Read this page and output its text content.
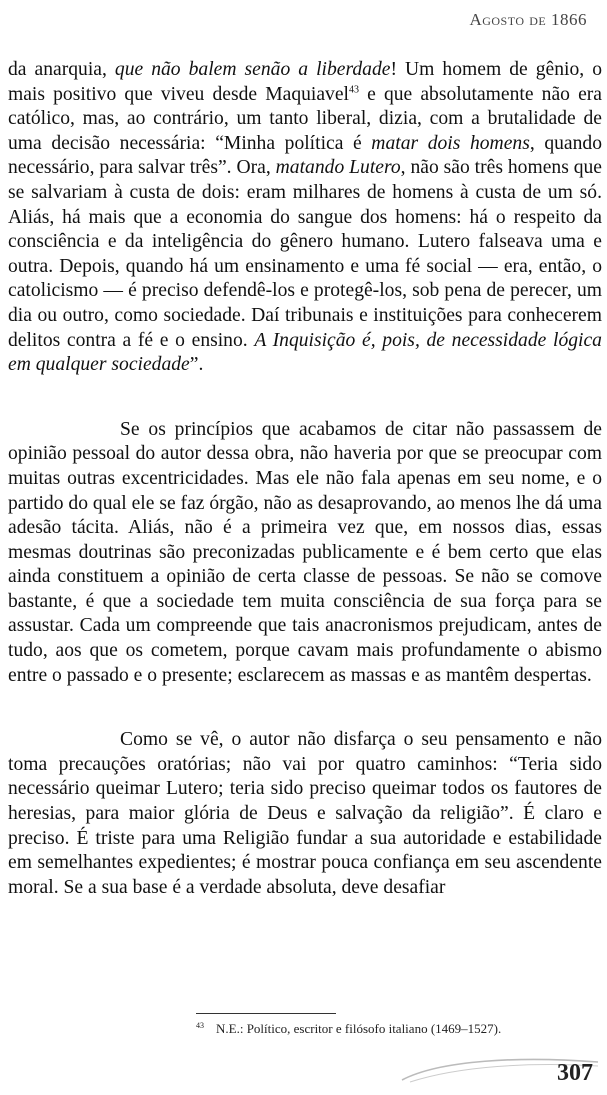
Agosto de 1866

da anarquia, que não balem senão a liberdade! Um homem de gênio, o mais positivo que viveu desde Maquiavel$^{43}$ e que absolutamente não era católico, mas, ao contrário, um tanto liberal, dizia, com a brutalidade de uma decisão necessária: “Minha política é matar dois homens, quando necessário, para salvar três”. Ora, matando Lutero, não são três homens que se salvariam à custa de dois: eram milhares de homens à custa de um só. Aliás, há mais que a economia do sangue dos homens: há o respeito da consciência e da inteligência do gênero humano. Lutero falseava uma e outra. Depois, quando há um ensinamento e uma fé social — era, então, o catolicismo — é preciso defendê-los e protegê-los, sob pena de perecer, um dia ou outro, como sociedade. Daí tribunais e instituições para conhecerem delitos contra a fé e o ensino. A Inquisição é, pois, de necessidade lógica em qualquer sociedade”.

Se os princípios que acabamos de citar não passassem de opinião pessoal do autor dessa obra, não haveria por que se preocupar com muitas outras excentricidades. Mas ele não fala apenas em seu nome, e o partido do qual ele se faz órgão, não as desaprovando, ao menos lhe dá uma adesão tácita. Aliás, não é a primeira vez que, em nossos dias, essas mesmas doutrinas são preconizadas publicamente e é bem certo que elas ainda constituem a opinião de certa classe de pessoas. Se não se comove bastante, é que a sociedade tem muita consciência de sua força para se assustar. Cada um compreende que tais anacronismos prejudicam, antes de tudo, aos que os cometem, porque cavam mais profundamente o abismo entre o passado e o presente; esclarecem as massas e as mantêm despertas.

Como se vê, o autor não disfarça o seu pensamento e não toma precauções oratórias; não vai por quatro caminhos: “Teria sido necessário queimar Lutero; teria sido preciso queimar todos os fautores de heresias, para maior glória de Deus e salvação da religião”. É claro e preciso. É triste para uma Religião fundar a sua autoridade e estabilidade em semelhantes expedientes; é mostrar pouca confiança em seu ascendente moral. Se a sua base é a verdade absoluta, deve desafiar

$^{43}$ N.E.: Político, escritor e filósofo italiano (1469–1527).
307
